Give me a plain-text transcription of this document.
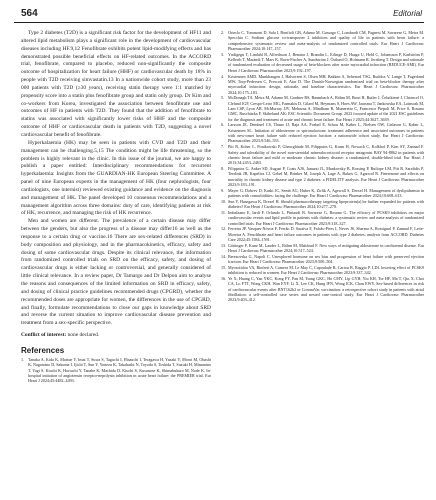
564	Editorial

Type 2 diabetes (T2D) is a significant risk factor for the development of HF11 and altered lipid metabolism plays a significant role in the development of cardiovascular diseases including HF.9,12 Fenofibrate exhibits potent lipid-modifying effects and has demonstrated possible beneficial effects on HF-related outcomes. In the ACCORD trial, fenofibrate, compared to placebo, reduced non-significantly the composite outcome of hospitalization for heart failure (HHF) or cardiovascular death by 18% in people with T2D receiving simvastatin.13 In a nationwide cohort study, more than 23 000 patients with T2D (≥30 years), receiving statin therapy were 1:1 matched by propensity score into a statin plus fenofibrate group and statin only group. Dr Kim and co-workers from Korea, investigated the association between fenofibrate use and outcomes of HF in patients with T2D. They found that the addition of fenofibrate to statins was associated with significantly lower risks of HHF and the composite outcome of HHF or cardiovascular death in patients with T2D, suggesting a novel cardiovascular benefit of fenofibrate.

Hyperkalaemia (HK) may be seen in patients with CVD and T2D and their management can be challenging.5,15 The condition might be life threatening, so the problem is highly relevant in the clinic. In this issue of the journal, we are happy to publish a paper entitled: Interdisciplinary recommendations for recurrent hyperkalaemia: Insights from the GUARDIAN-HK European Steering Committee. A panel of nine European experts in the management of HK (four nephrologists, four cardiologists, one internist) reviewed existing guidance and evidence on the diagnosis and management of HK. The panel developed 10 consensus recommendations and a management algorithm across three domains: duty of care, identifying patients at risk of HK, recurrence, and managing the risk of HK recurrence.

Men and women are different. The prevalence of a certain disease may differ between the genders, but also the progress of a disease may differ16 as well as the response to a certain drug or vaccine.16 There are sex-related differences (SRD) in body composition and physiology, and in the pharmacokinetics, efficacy, safety and dosing of some cardiovascular drugs. Despite its clinical relevance, the information from randomized controlled trials on SRD on the efficacy, safety, and dosing of cardiovascular drugs is either lacking or controversial, and generally considered of little clinical relevance. In a review paper, Dr Tamargo and Dr Delpon aim to analyse the reasons and consequences of the limited information on SRD in efficacy, safety, and dosing of clinical practice guidelines recommended drugs (CPGRD), whether the recommended doses are appropriate for women, the differences in the use of CPGRD, and finally, formulate recommendations to close our gaps in knowledge about SRD and reverse the current situation to improve cardiovascular disease prevention and treatment from a sex-specific perspective.

Conflict of interest: none declared.

References
1. Tanaka A, Kida K, Matsue Y, Imai T, Suwa S, Taguchi I, Hisauchi I, Teragawa H, Yazaki Y, Moroi M, Ohashi K, Nagatomo D, Sakuma I, Ijichi T, Sun Y, Yonezu K, Takahashi N, Toyoda S, Toshida T, Suzuki H, Minamino T, Yagi S, Kiuchi K, Horiuchi Y, Tanabe K, Machida D, Kiuchi S, Kusunose K, Shimabukuro M, Node K. In-hospital initiation of angiotensin receptor-neprilysin inhibition in acute heart failure: the PREMIER trial. Eur Heart J 2024;45:4482–4493.
2. Orieclo C, Tomasoni D, Sala I, Bonfioli GB, Adamo M, Gussago C, Lombardi CM, Pagnesi M, Savarese G, Metra M. Specchia C. Sodium glucose co-transporter 2 inhibitors and quality of life in patients with heart failure: a comprehensive systematic review and meta-analysis of randomized controlled trials. Eur Heart J Cardiovasc Pharmacother 2024;10:147–157.
3. Yndigegn T, Lindahl B, Alfredsson J, Benatar J, Brandin L, Erlinge D, Haaga U, Held C, Johansson P, Karlström P, Kellerth T, Marandi T, Mars K, Ravn-Fischer A, Sundström J, Östlund O, Hofmann R, Jernberg T. Design and rationale of randomized evaluation of decreased usage of beta-blockers after acute myocardial infarction (REDUCE-AMI). Eur Heart J Cardiovasc Pharmacother 2023;9:192–197.
4. Kristensen AMD, Munkhaugen J, Halvorsen S, Olsen MH, Bakken A, Sehested TSG, Ruddox V, Lange T, Fagerland MW, Torp-Pedersen C, Prescott E, Atar D. The Danish-Norwegian randomized trial on beta-blocker therapy after myocardial infarction: design, rationale, and baseline characteristics. Eur Heart J Cardiovasc Pharmacother 2024;10:175–183.
5. McDonagh TA, Metra M, Adamo M, Gardner RS, Baumbach A, Böhm M, Burri H, Butler J, Čelutkienė J, Chioncel O, Cleland JGF, Crespo-Leiro MG, Farmakis D, Gilard M, Heymans S, Hoes AW, Jaarsma T, Jankowska EA, Lainscak M, Lam CSP, Lyon AR, McMurray JJV, Mebazaa A, Mindham R, Muneretto C, Francesco Piepoli M, Price S, Rosano GMC, Ruschitzka F, Skibelund AK; ESC Scientific Document Group. 2023 focused update of the 2021 ESC guidelines for the diagnosis and treatment of acute and chronic heart failure. Eur Heart J 2023;44:3627–3639.
6. Larsson JE, Dembsel CS, Thune JJ, Raja AA, Fosbøl E, Schou M, Køber L, Nielsen OW, Gislason G, Køber L, Kristensen SL. Initiation of aldosterone or spironolactone, treatment adherence and associated outcomes in patients with new-onset heart failure with reduced ejection fraction: a nationwide cohort study. Eur Heart J Cardiovasc Pharmacother 2023;9:546–553.
7. Pitt B, Kober L, Ponikowski P, Gheorghiade M, Filippatos G, Krum H, Nowack C, Kolkhof P, Kim SY, Zannad F. Safety and tolerability of the novel non-steroidal mineralocorticoid receptor antagonist BAY 94-8862 in patients with chronic heart failure and mild or moderate chronic kidney disease: a randomized, double-blind trial. Eur Heart J 2013;34:2453–2463.
8. Filippatos G, Anker SD, August P, Coats AJS, Januzzi JL, Mankovsky B, Rossing P, Ruilope LM, Pitt B, Sarafidis P, Teerlink JR, Kapelios CJ, Gebel M, Brinker M, Joseph A, Lage A, Bakris G, Agarwal R. Finerenone and effects on mortality in chronic kidney disease and type 2 diabetes: a FIDELITY analysis. Eur Heart J Cardiovasc Pharmacother 2023;9:183–191.
9. Mayer G, Dobrev D, Kaski JC, Semb AG, Huber K, Zirlik A, Agewall S, Drexel H. Management of dyslipidaemia in patients with comorbidities: facing the challenge. Eur Heart J Cardiovasc Pharmacother 2024;10:608–613.
10. Sun Y, Hasegawa K, Drexel H. Should pharmacotherapy targeting lipoprotein(a) be further expanded for patients with diabetes? Eur Heart J Cardiovasc Pharmacother 2024;10:277–278.
11. Imbalzano E, Iardi F, Orlando L, Pintaudi B, Savarese G, Rosano G. The efficacy of PCSK9 inhibitors on major cardiovascular events and lipid profile in patients with diabetes: a systematic review and meta-analysis of randomized controlled trials. Eur Heart J Cardiovasc Pharmacother 2023;9:318–327.
12. Ferreira JP, Vasques-Nóvoa F, Ferrão D, Saraiva F, Falcão-Pires I, Neves JS, Sharma A, Rossignol P, Zannad F, Leite-Moreira A. Fenofibrate and heart failure outcomes in patients with type 2 diabetes: analysis from ACCORD. Diabetes Care 2022;45:1584–1591.
13. Göttinger F, Kunz M, Lauder L, Böhm M, Mahfoud F. New ways of mitigating aldosterone in cardiorenal disease. Eur Heart J Cardiovasc Pharmacother 2024;10:517–524.
14. Berezovska G, Napoli C. Unexplored hormone on sex bias and progression of heart failure with preserved ejection fraction. Eur Heart J Cardiovasc Pharmacother 2023;9:500–504.
15. Myosotidou VA, Rinfrett A, Camera M, Le May C, Capoulade R, Cariou B, Raggio P. LDL lowering effect of PCSK9 inhibition is reduced in women. Eur Heart J Cardiovasc Pharmacother 2023;9:337–342.
16. Ye X, Huang C, Yan YKC, Kong FY, Pan M, Tsang GKC, Ho CMY, Lip GYH, Yiu KH, Tse HF, Ma T, Qin X, Choi CA, Lo FTT, Wong CKH, Wan EYF, Li X, Lee CK, Hung IFN, Wong ICK, Chan EWY. Sex-based differences in risk of cardiovascular events after BNT162b2 or CoronaVac vaccination: a retrospective cohort study in patients with atrial fibrillation: a self-controlled case series and nested case-control study. Eur Heart J Cardiovasc Pharmacother 2023;9:403–412.
